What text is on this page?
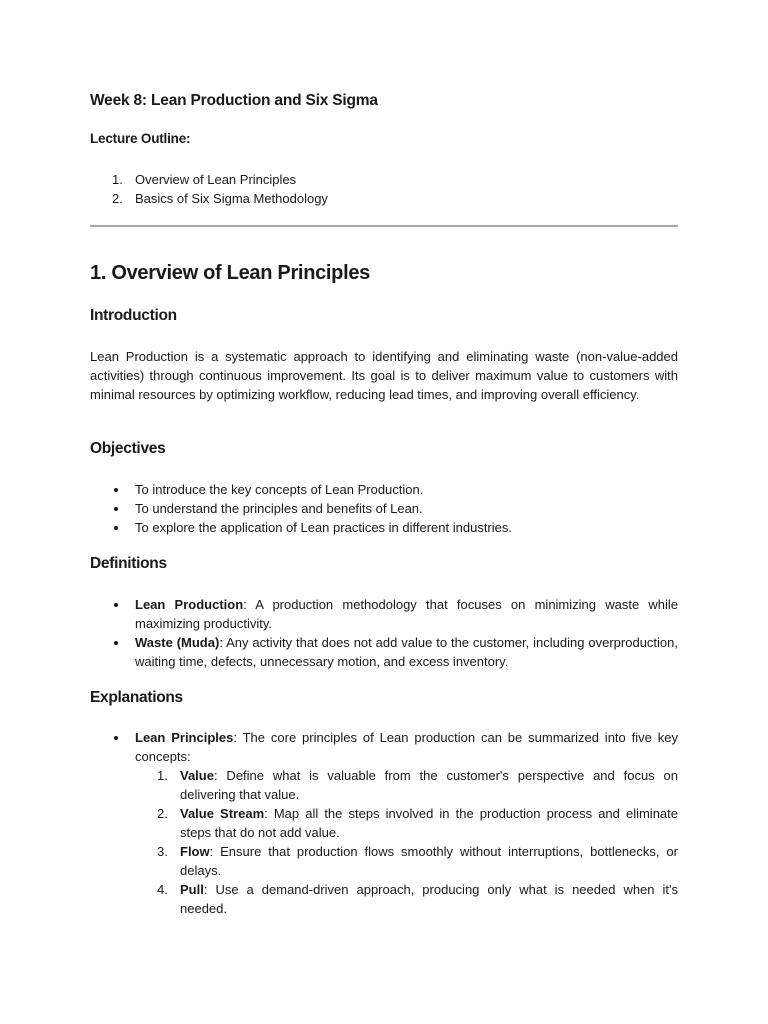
Week 8: Lean Production and Six Sigma
Lecture Outline:
1. Overview of Lean Principles
2. Basics of Six Sigma Methodology
1. Overview of Lean Principles
Introduction

Lean Production is a systematic approach to identifying and eliminating waste (non-value-added activities) through continuous improvement. Its goal is to deliver maximum value to customers with minimal resources by optimizing workflow, reducing lead times, and improving overall efficiency.

Objectives
To introduce the key concepts of Lean Production.
To understand the principles and benefits of Lean.
To explore the application of Lean practices in different industries.
Definitions
Lean Production: A production methodology that focuses on minimizing waste while maximizing productivity.
Waste (Muda): Any activity that does not add value to the customer, including overproduction, waiting time, defects, unnecessary motion, and excess inventory.
Explanations
Lean Principles: The core principles of Lean production can be summarized into five key concepts:
1. Value: Define what is valuable from the customer's perspective and focus on delivering that value.
2. Value Stream: Map all the steps involved in the production process and eliminate steps that do not add value.
3. Flow: Ensure that production flows smoothly without interruptions, bottlenecks, or delays.
4. Pull: Use a demand-driven approach, producing only what is needed when it's needed.
